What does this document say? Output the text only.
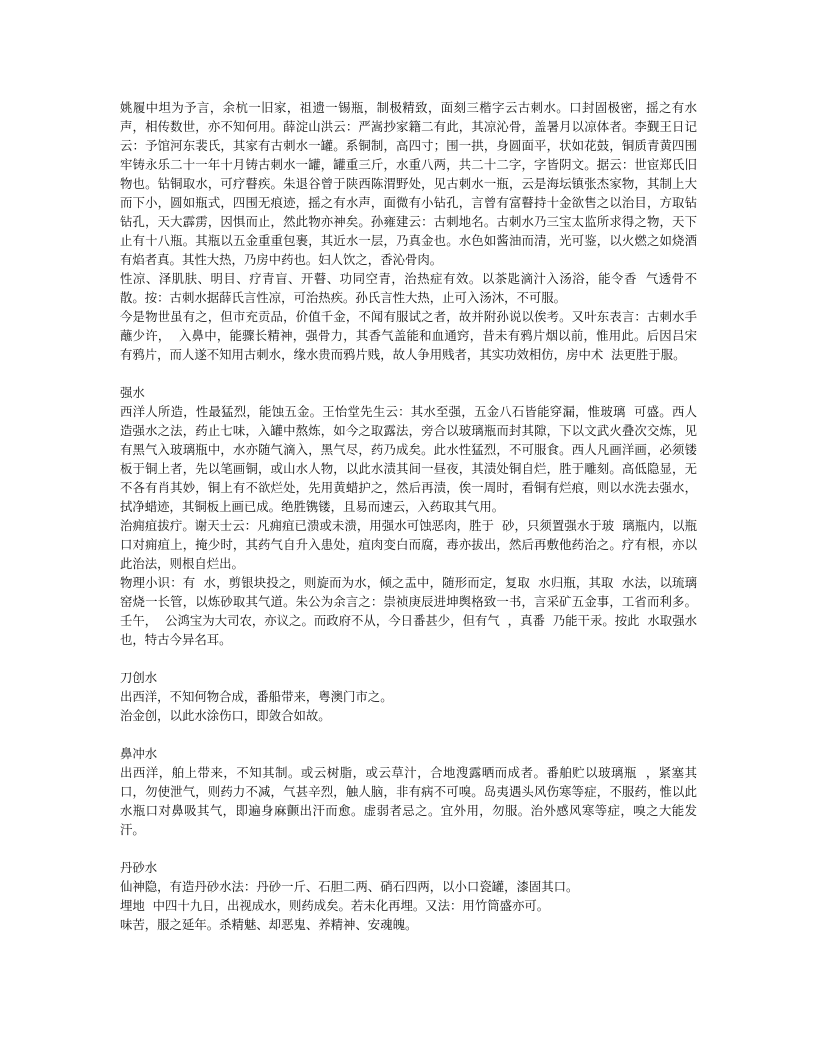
姚履中坦为予言，余杭一旧家，祖遗一锡瓶，制极精致，面刻三楷字云古刺水。口封固极密，摇之有水声，相传数世，亦不知何用。薛淀山洪云：严嵩抄家籍二有此，其凉沁骨，盖暑月以凉体者。李觐王日记云：予馆河东裴氏，其家有古刺水一罐。系铜制，高四寸；围一拱，身圆面平，状如花鼓，铜质青黄四围牢铸永乐二十一年十月铸古刺水一罐，罐重三斤，水重八两，共二十二字，字皆阴文。据云：世宦郑氏旧物也。钻铜取水，可疗瞽疾。朱退谷曾于陕西陈渭野处，见古刺水一瓶，云是海坛镇张杰家物，其制上大而下小，圆如瓶式，四围无痕迹，摇之有水声，面微有小钻孔，言曾有富瞽持十金欲售之以治目，方取钻钻孔，天大霹雳，因惧而止，然此物亦神矣。孙雍建云：古刺地名。古刺水乃三宝太监所求得之物，天下止有十八瓶。其瓶以五金重重包裹，其近水一层，乃真金也。水色如酱油而清，光可鉴，以火燃之如烧酒有焰者真。其性大热，乃房中药也。妇人饮之，香沁骨肉。

性凉、泽肌肤、明目、疗青盲、开瞽、功同空青，治热症有效。以茶匙滴汁入汤浴，能令香  气透骨不散。按：古刺水据薛氏言性凉，可治热疾。孙氏言性大热，止可入汤沐，不可服。

今是物世虽有之，但市充贡品，价值千金，不闻有服试之者，故并附孙说以俟考。又叶东表言：古刺水手蘸少许，  入鼻中，能骤长精神，强骨力，其香气盖能和血通窍，昔未有鸦片烟以前，惟用此。后因吕宋有鸦片，而人遂不知用古刺水，缘水贵而鸦片贱，故人争用贱者，其实功效相仿，房中术  法更胜于服。

强水

西洋人所造，性最猛烈，能蚀五金。王怡堂先生云：其水至强，五金八石皆能穿漏，惟玻璃  可盛。西人造强水之法，药止七味，入罐中熬炼，如今之取露法，旁合以玻璃瓶而封其隙，下以文武火叠次交炼，见有黑气入玻璃瓶中，水亦随气滴入，黑气尽，药乃成矣。此水性猛烈，不可服食。西人凡画洋画，必须镂板于铜上者，先以笔画铜，或山水人物，以此水渍其间一昼夜，其渍处铜自烂，胜于雕刻。高低隐显，无不各有肖其妙，铜上有不欲烂处，先用黄蜡护之，然后再渍，俟一周时，看铜有烂痕，则以水洗去强水，拭净蜡迹，其铜板上画已成。绝胜镌镂，且易而速云，入药取其气用。

治痈疽拔疔。谢天士云：凡痈疽已溃或未溃，用强水可蚀恶肉，胜于  砂，只须置强水于玻  璃瓶内，以瓶口对痈疽上，掩少时，其药气自升入患处，疽肉变白而腐，毒亦拔出，然后再敷他药治之。疗有根，亦以此治法，则根自烂出。

物理小识：有  水，剪银块投之，则旋而为水，倾之盂中，随形而定，复取  水归瓶，其取  水法，以琉璃窑烧一长管，以炼砂取其气道。朱公为余言之：崇祯庚辰进坤舆格致一书，言采矿五金事，工省而利多。壬午，  公鸿宝为大司农，亦议之。而政府不从，今日番甚少，但有气  ，真番  乃能干汞。按此  水取强水也，特古今异名耳。

刀创水

出西洋，不知何物合成，番船带来，粤澳门市之。

治金创，以此水涂伤口，即敛合如故。

鼻冲水

出西洋，舶上带来，不知其制。或云树脂，或云草汁，合地溲露晒而成者。番舶贮以玻璃瓶  ，紧塞其口，勿使泄气，则药力不减，气甚辛烈，触人脑，非有病不可嗅。岛夷遇头风伤寒等症，不服药，惟以此水瓶口对鼻吸其气，即遍身麻颤出汗而愈。虚弱者忌之。宜外用，勿服。治外感风寒等症，嗅之大能发汗。

丹砂水

仙神隐，有造丹砂水法：丹砂一斤、石胆二两、硝石四两，以小口瓷罐，漆固其口。

埋地  中四十九日，出视成水，则药成矣。若未化再埋。又法：用竹筒盛亦可。

味苦，服之延年。杀精魅、却恶鬼、养精神、安魂魄。
